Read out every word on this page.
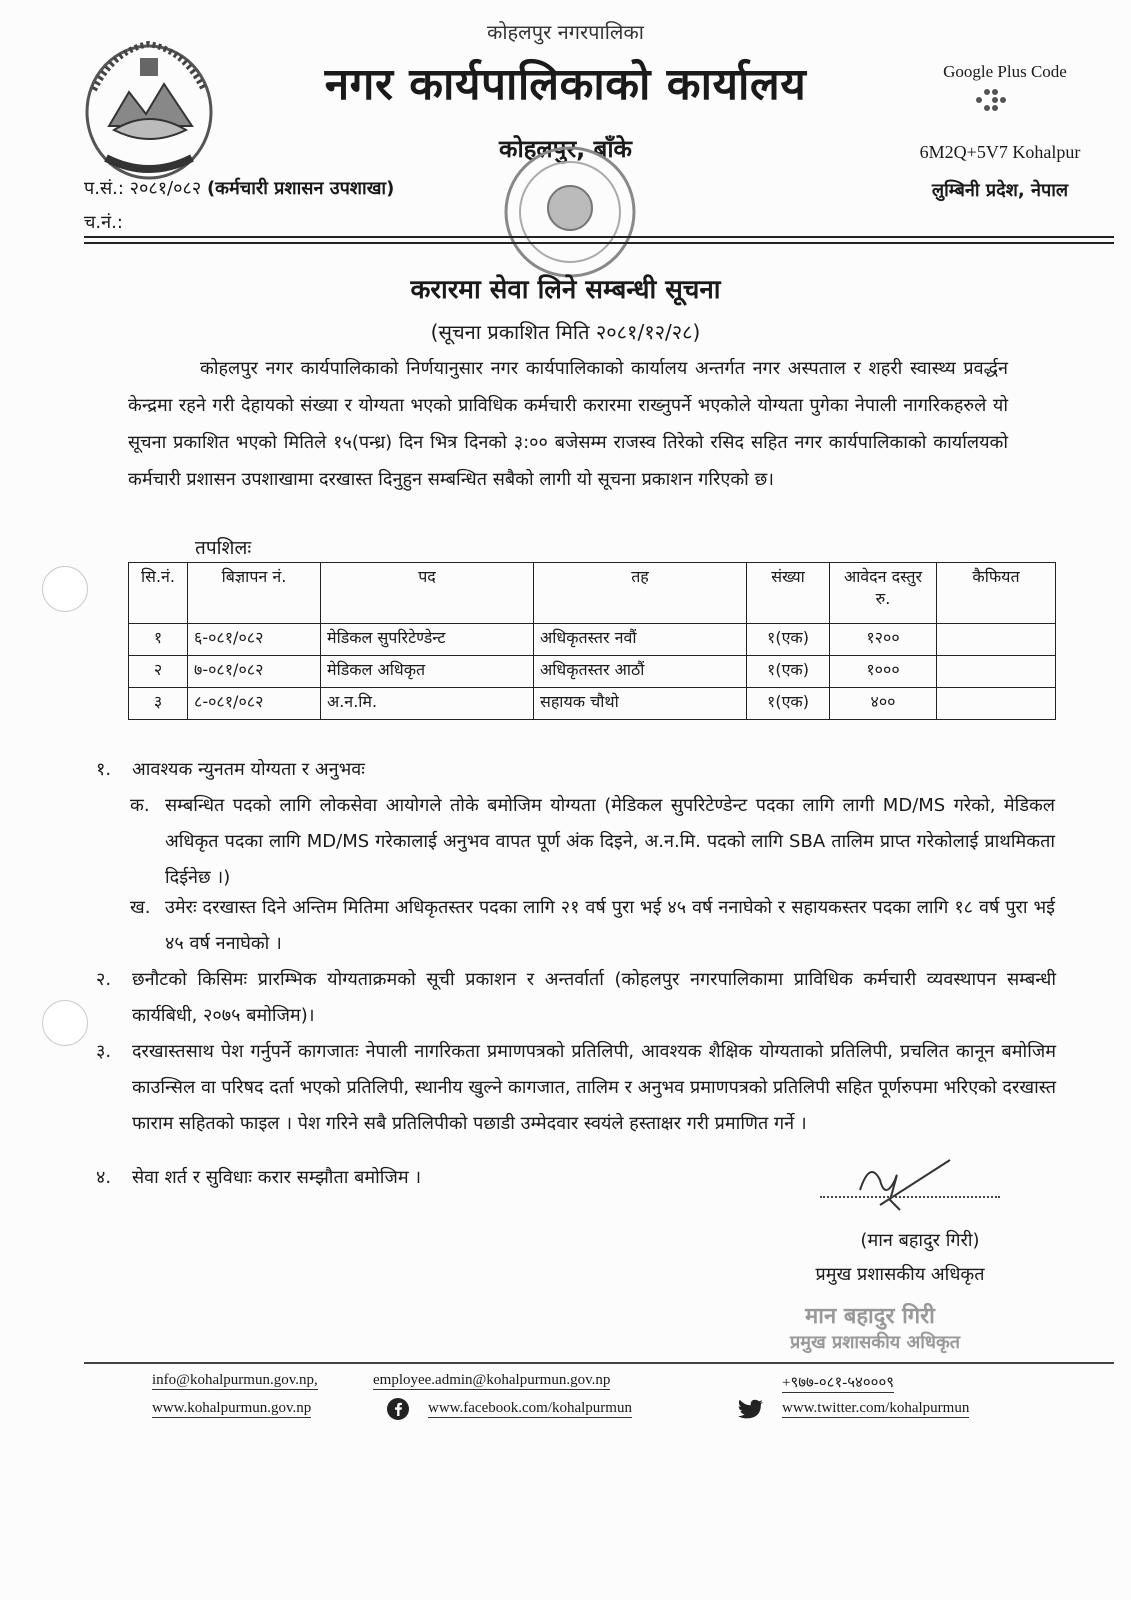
कोहलपुर नगरपालिका
नगर कार्यपालिकाको कार्यालय
कोहलपुर, बाँके
Google Plus Code
6M2Q+5V7 Kohalpur
लुम्बिनी प्रदेश, नेपाल
प.सं.: २०८१/०८२ (कर्मचारी प्रशासन उपशाखा)
च.नं.:
करारमा सेवा लिने सम्बन्धी सूचना
(सूचना प्रकाशित मिति २०८१/१२/२८)
कोहलपुर नगर कार्यपालिकाको निर्णयानुसार नगर कार्यपालिकाको कार्यालय अन्तर्गत नगर अस्पताल र शहरी स्वास्थ्य प्रवर्द्धन केन्द्रमा रहने गरी देहायको संख्या र योग्यता भएको प्राविधिक कर्मचारी करारमा राख्नुपर्ने भएकोले योग्यता पुगेका नेपाली नागरिकहरुले यो सूचना प्रकाशित भएको मितिले १५(पन्ध्र) दिन भित्र दिनको ३:०० बजेसम्म राजस्व तिरेको रसिद सहित नगर कार्यपालिकाको कार्यालयको कर्मचारी प्रशासन उपशाखामा दरखास्त दिनुहुन सम्बन्धित सबैको लागी यो सूचना प्रकाशन गरिएको छ।
तपशिलः
सि.नं.	बिज्ञापन नं.	पद	तह	संख्या	आवेदन दस्तुर रु.	कैफियत
१	६-०८१/०८२	मेडिकल सुपरिटेण्डेन्ट	अधिकृतस्तर नवौं	१(एक)	१२००	
२	७-०८१/०८२	मेडिकल अधिकृत	अधिकृतस्तर आठौं	१(एक)	१०००	
३	८-०८१/०८२	अ.न.मि.	सहायक चौथो	१(एक)	४००	
१. आवश्यक न्युनतम योग्यता र अनुभवः
क. सम्बन्धित पदको लागि लोकसेवा आयोगले तोके बमोजिम योग्यता (मेडिकल सुपरिटेण्डेन्ट पदका लागि लागी MD/MS गरेको, मेडिकल अधिकृत पदका लागि MD/MS गरेकालाई अनुभव वापत पूर्ण अंक दिइने, अ.न.मि. पदको लागि SBA तालिम प्राप्त गरेकोलाई प्राथमिकता दिईनेछ ।)
ख. उमेरः दरखास्त दिने अन्तिम मितिमा अधिकृतस्तर पदका लागि २१ वर्ष पुरा भई ४५ वर्ष ननाघेको र सहायकस्तर पदका लागि १८ वर्ष पुरा भई ४५ वर्ष ननाघेको ।
२. छनौटको किसिमः प्रारम्भिक योग्यताक्रमको सूची प्रकाशन र अन्तर्वार्ता (कोहलपुर नगरपालिकामा प्राविधिक कर्मचारी व्यवस्थापन सम्बन्धी कार्यबिधी, २०७५ बमोजिम)।
३. दरखास्तसाथ पेश गर्नुपर्ने कागजातः नेपाली नागरिकता प्रमाणपत्रको प्रतिलिपी, आवश्यक शैक्षिक योग्यताको प्रतिलिपी, प्रचलित कानून बमोजिम काउन्सिल वा परिषद दर्ता भएको प्रतिलिपी, स्थानीय खुल्ने कागजात, तालिम र अनुभव प्रमाणपत्रको प्रतिलिपी सहित पूर्णरुपमा भरिएको दरखास्त फाराम सहितको फाइल । पेश गरिने सबै प्रतिलिपीको पछाडी उम्मेदवार स्वयंले हस्ताक्षर गरी प्रमाणित गर्ने ।
४. सेवा शर्त र सुविधाः करार सम्झौता बमोजिम ।
(मान बहादुर गिरी)
प्रमुख प्रशासकीय अधिकृत
मान बहादुर गिरी
प्रमुख प्रशासकीय अधिकृत
info@kohalpurmun.gov.np,	employee.admin@kohalpurmun.gov.np	+९७७-०८१-५४०००९
www.kohalpurmun.gov.np	www.facebook.com/kohalpurmun	www.twitter.com/kohalpurmun
